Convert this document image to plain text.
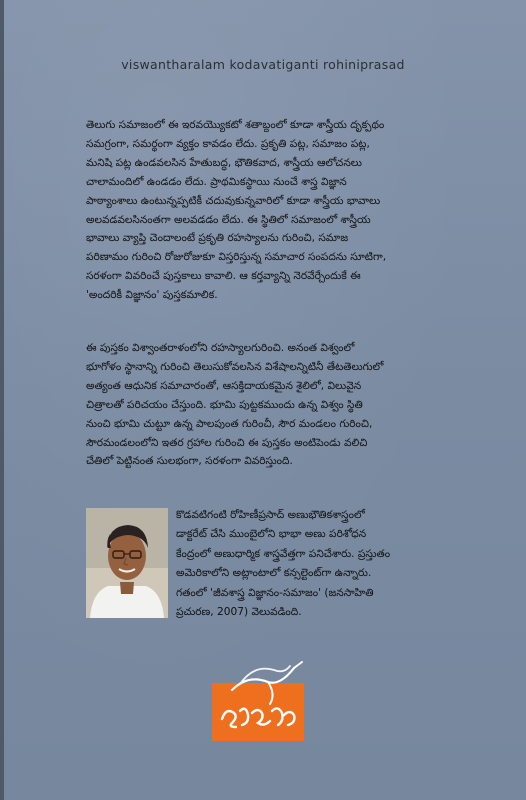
viswantharalam kodavatiganti rohiniprasad
తెలుగు సమాజంలో ఈ ఇరవయ్యొకటో శతాబ్దంలో కూడా శాస్త్రీయ దృక్పథం
సమగ్రంగా, సమర్థంగా వ్యక్తం కావడం లేదు. ప్రకృతి పట్ల, సమాజం పట్ల,
మనిషి పట్ల ఉండవలసిన హేతుబద్ధ, భౌతికవాద, శాస్త్రీయ ఆలోచనలు
చాలామందిలో ఉండడం లేదు. ప్రాథమికస్థాయి నుంచే శాస్త్ర విజ్ఞాన
పాఠ్యాంశాలు ఉంటున్నప్పటికీ చదువుకున్నవారిలో కూడా శాస్త్రీయ భావాలు
అలవడవలసినంతగా అలవడడం లేదు. ఈ స్థితిలో సమాజంలో శాస్త్రీయ
భావాలు వ్యాప్తి చెందాలంటే ప్రకృతి రహస్యాలను గురించి, సమాజ
పరిణామం గురించి రోజురోజుకూ విస్తరిస్తున్న సమాచార సంపదను సూటిగా,
సరళంగా వివరించే పుస్తకాలు కావాలి. ఆ కర్తవ్యాన్ని నెరవేర్చేందుకే ఈ
'అందరికీ విజ్ఞానం' పుస్తకమాలిక.
ఈ పుస్తకం విశ్వాంతరాళంలోని రహస్యాలగురించి. అనంత విశ్వంలో
భూగోళం స్థానాన్ని గురించి తెలుసుకోవలసిన విశేషాలన్నిటినీ తేటతెలుగులో
అత్యంత ఆధునిక సమాచారంతో, ఆసక్తిదాయకమైన శైలిలో, విలువైన
చిత్రాలతో పరిచయం చేస్తుంది. భూమి పుట్టకముందు ఉన్న విశ్వం స్థితి
నుంచి భూమి చుట్టూ ఉన్న పాలపుంత గురించీ, సౌర మండలం గురించి,
సౌరమండలంలోని ఇతర గ్రహాల గురించి ఈ పుస్తకం అంటిపెండు వలిచి
చేతిలో పెట్టినంత సులభంగా, సరళంగా వివరిస్తుంది.
కొడవటిగంటి రోహిణీప్రసాద్ అణుభౌతికశాస్త్రంలో
డాక్టరేట్ చేసి ముంబైలోని భాభా అణు పరిశోధన
కేంద్రంలో అణుధార్మిక శాస్త్రవేత్తగా పనిచేశారు. ప్రస్తుతం
అమెరికాలోని అట్లాంటాలో కన్సల్టెంట్‌గా ఉన్నారు.
గతంలో 'జీవశాస్త్ర విజ్ఞానం-సమాజం' (జనసాహితి
ప్రచురణ, 2007) వెలువడింది.
